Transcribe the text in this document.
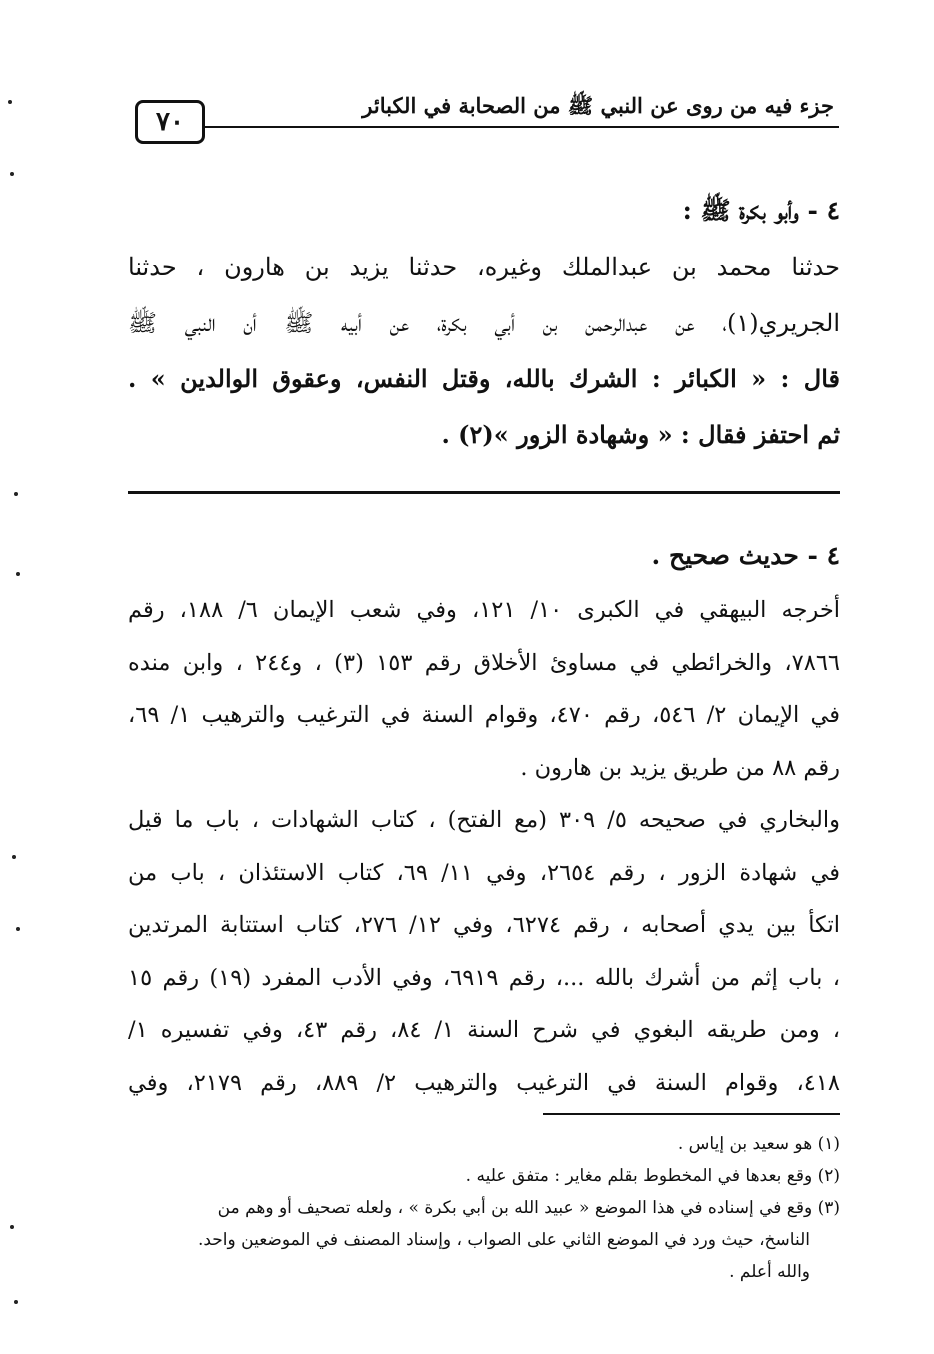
٧٠
جزء فيه من روى عن النبي ﷺ من الصحابة في الكبائر
٤ - وأبو بكرة ﷺ :
حدثنا محمد بن عبدالملك وغيره، حدثنا يزيد بن هارون ، حدثنا
الجريري(١)، عن عبدالرحمن بن أبي بكرة، عن أبيه ﷺ أن النبي ﷺ
قال : « الكبائر : الشرك بالله، وقتل النفس، وعقوق الوالدين » .
ثم احتفز فقال : « وشهادة الزور »(٢) .
٤ - حديث صحيح .
أخرجه البيهقي في الكبرى ١٠/ ١٢١، وفي شعب الإيمان ٦/ ١٨٨، رقم
٧٨٦٦، والخرائطي في مساوئ الأخلاق رقم ١٥٣ (٣) ، و٢٤٤ ، وابن منده
في الإيمان ٢/ ٥٤٦، رقم ٤٧٠، وقوام السنة في الترغيب والترهيب ١/ ٦٩،
رقم ٨٨ من طريق يزيد بن هارون .
والبخاري في صحيحه ٥/ ٣٠٩ (مع الفتح) ، كتاب الشهادات ، باب ما قيل
في شهادة الزور ، رقم ٢٦٥٤، وفي ١١/ ٦٩، كتاب الاستئذان ، باب من
اتكأ بين يدي أصحابه ، رقم ٦٢٧٤، وفي ١٢/ ٢٧٦، كتاب استتابة المرتدين
، باب إثم من أشرك بالله ...، رقم ٦٩١٩، وفي الأدب المفرد (١٩) رقم ١٥
، ومن طريقه البغوي في شرح السنة ١/ ٨٤، رقم ٤٣، وفي تفسيره ١/
٤١٨، وقوام السنة في الترغيب والترهيب ٢/ ٨٨٩، رقم ٢١٧٩، وفي
(١) هو سعيد بن إياس .
(٢) وقع بعدها في المخطوط بقلم مغاير : متفق عليه .
(٣) وقع في إسناده في هذا الموضع « عبيد الله بن أبي بكرة » ، ولعله تصحيف أو وهم من
الناسخ، حيث ورد في الموضع الثاني على الصواب ، وإسناد المصنف في الموضعين واحد.
والله أعلم .
